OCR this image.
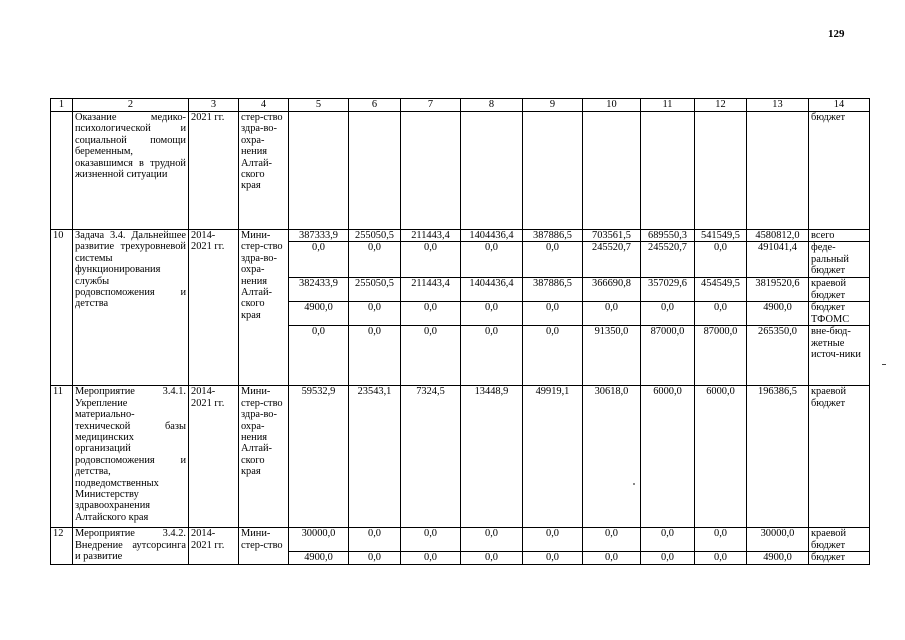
129
1	2	3	4	5	6	7	8	9	10	11	12	13	14
	Оказание медико-психологической и социальной помощи беременным, оказавшимся в трудной жизненной ситуации	2021 гг.	стер-ство здра-во-охра-нения Алтай-ского края										бюджет
10	Задача 3.4. Дальнейшее развитие трехуровневой системы функционирования службы родовспоможения и детства	2014-2021 гг.	Мини-стер-ство здра-во-охра-нения Алтай-ского края	387333,9	255050,5	211443,4	1404436,4	387886,5	703561,5	689550,3	541549,5	4580812,0	всего
				0,0	0,0	0,0	0,0	0,0	245520,7	245520,7	0,0	491041,4	феде-ральный бюджет
				382433,9	255050,5	211443,4	1404436,4	387886,5	366690,8	357029,6	454549,5	3819520,6	краевой бюджет
				4900,0	0,0	0,0	0,0	0,0	0,0	0,0	0,0	4900,0	бюджет ТФОМС
				0,0	0,0	0,0	0,0	0,0	91350,0	87000,0	87000,0	265350,0	вне-бюд-жетные источ-ники
11	Мероприятие 3.4.1. Укрепление материально-технической базы медицинских организаций родовспоможения и детства, подведомственных Министерству здравоохранения Алтайского края	2014-2021 гг.	Мини-стер-ство здра-во-охра-нения Алтай-ского края	59532,9	23543,1	7324,5	13448,9	49919,1	30618,0	6000,0	6000,0	196386,5	краевой бюджет
12	Мероприятие 3.4.2. Внедрение аутсорсинга и развитие	2014-2021 гг.	Мини-стер-ство	30000,0	0,0	0,0	0,0	0,0	0,0	0,0	0,0	30000,0	краевой бюджет
				4900,0	0,0	0,0	0,0	0,0	0,0	0,0	0,0	4900,0	бюджет
